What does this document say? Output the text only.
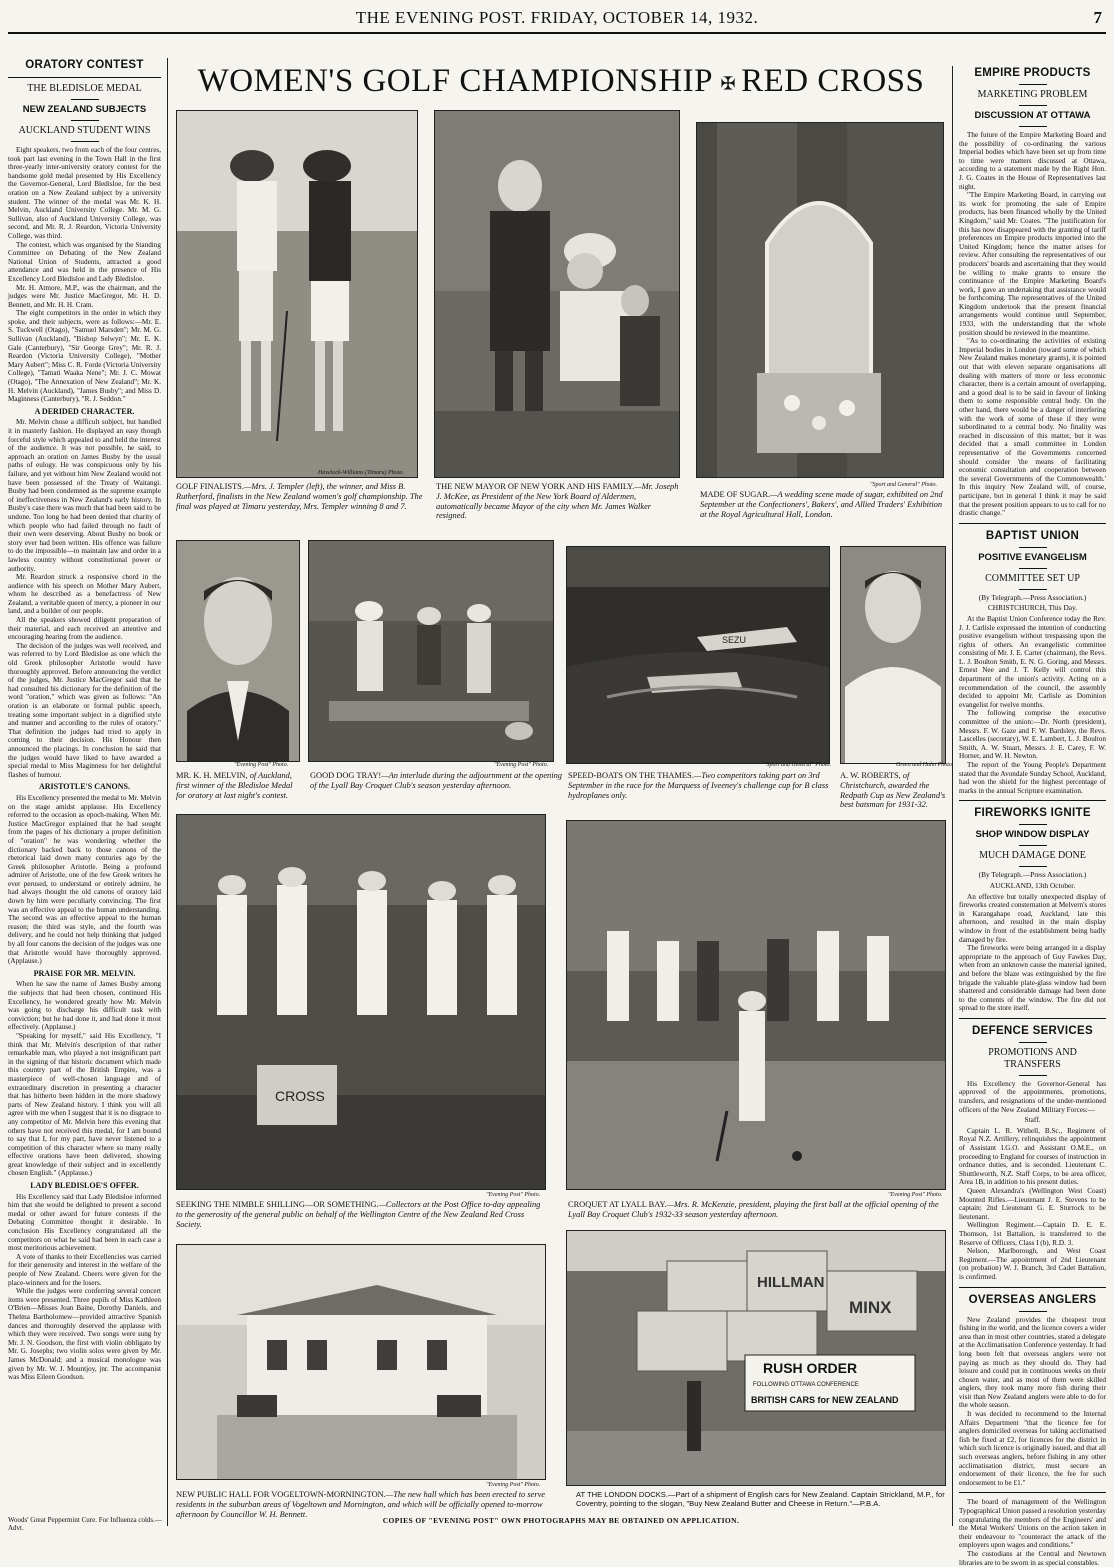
THE EVENING POST. FRIDAY, OCTOBER 14, 1932.	7
ORATORY CONTEST
THE BLEDISLOE MEDAL
NEW ZEALAND SUBJECTS
AUCKLAND STUDENT WINS

Eight speakers, two from each of the four centres, took part last evening in the Town Hall in the first three-yearly inter-university oratory contest for the handsome gold medal presented by His Excellency the Governor-General, Lord Bledisloe, for the best oration on a New Zealand subject by a university student. The winner of the medal was Mr. K. H. Melvin, Auckland University College. Mr. M. G. Sullivan, also of Auckland University College, was second, and Mr. R. J. Reardon, Victoria University College, was third.

The contest, which was organised by the Standing Committee on Debating of the New Zealand National Union of Students, attracted a good attendance and was held in the presence of His Excellency Lord Bledisloe and Lady Bledisloe.

Mr. H. Atmore, M.P., was the chairman, and the judges were Mr. Justice MacGregor, Mr. H. D. Bennett, and Mr. H. H. Cram.

The eight competitors in the order in which they spoke, and their subjects, were as follows:—Mr. E. S. Tuckwell (Otago), "Samuel Marsden"; Mr. M. G. Sullivan (Auckland), "Bishop Selwyn"; Mr. E. K. Gale (Canterbury), "Sir George Grey"; Mr. R. J. Reardon (Victoria University College), "Mother Mary Aubert"; Miss C. R. Forde (Victoria University College), "Tamati Waaka Nene"; Mr. J. C. Mowat (Otago), "The Annexation of New Zealand"; Mr. K. H. Melvin (Auckland), "James Busby"; and Miss D. Maginness (Canterbury), "R. J. Seddon."

A DERIDED CHARACTER.

Mr. Melvin chose a difficult subject, but handled it in masterly fashion. He displayed an easy though forceful style which appealed to and held the interest of the audience. It was not possible, he said, to approach an oration on James Busby by the usual paths of eulogy. He was conspicuous only by his failure, and yet without him New Zealand would not have been possessed of the Treaty of Waitangi. Busby had been condemned as the supreme example of ineffectiveness in New Zealand's early history. In Busby's case there was much that had been said to be undone. Too long he had been denied that charity of which people who had failed through no fault of their own were deserving. About Busby no book or story ever had been written. His offence was failure to do the impossible—to maintain law and order in a lawless country without constitutional power or authority.

Mr. Reardon struck a responsive chord in the audience with his speech on Mother Mary Aubert, whom he described as a benefactress of New Zealand, a veritable queen of mercy, a pioneer in our land, and a builder of our people.

All the speakers showed diligent preparation of their material, and each received an attentive and encouraging hearing from the audience.

The decision of the judges was well received, and was referred to by Lord Bledisloe as one which the old Greek philosopher Aristotle would have thoroughly approved. Before announcing the verdict of the judges, Mr. Justice MacGregor said that he had consulted his dictionary for the definition of the word "oration," which was given as follows: "An oration is an elaborate or formal public speech, treating some important subject in a dignified style and manner and according to the rules of oratory." That definition the judges had tried to apply in coming to their decision. His Honour then announced the placings. In conclusion he said that the judges would have liked to have awarded a special medal to Miss Maginness for her delightful flashes of humour.

ARISTOTLE'S CANONS.

His Excellency presented the medal to Mr. Melvin on the stage amidst applause. His Excellency referred to the occasion as epoch-making. When Mr. Justice MacGregor explained that he had sought from the pages of his dictionary a proper definition of "oration" he was wondering whether the dictionary backed back to those canons of the rhetorical laid down many centuries ago by the Greek philosopher Aristotle. Being a profound admirer of Aristotle, one of the few Greek writers he ever perused, to understand or entirely admire, he had always thought the old canons of oratory laid down by him were peculiarly convincing. The first was an effective appeal to the human understanding. The second was an effective appeal to the human reason; the third was style, and the fourth was delivery, and he could not help thinking that judged by all four canons the decision of the judges was one that Aristotle would have thoroughly approved. (Applause.)

PRAISE FOR MR. MELVIN.

When he saw the name of James Busby among the subjects that had been chosen, continued His Excellency, he wondered greatly how Mr. Melvin was going to discharge his difficult task with conviction; but he had done it, and had done it most effectively. (Applause.)

"Speaking for myself," said His Excellency, "I think that Mr. Melvin's description of that rather remarkable man, who played a not insignificant part in the signing of that historic document which made this country part of the British Empire, was a masterpiece of well-chosen language and of extraordinary discretion in presenting a character that has hitherto been hidden in the more shadowy parts of New Zealand history. I think you will all agree with me when I suggest that it is no disgrace to any competitor of Mr. Melvin here this evening that others have not received this medal, for I am bound to say that I, for my part, have never listened to a competition of this character where so many really effective orations have been delivered, showing great knowledge of their subject and in excellently chosen English." (Applause.)

LADY BLEDISLOE'S OFFER.

His Excellency said that Lady Bledisloe informed him that she would be delighted to present a second medal or other award for future contests if the Debating Committee thought it desirable. In conclusion His Excellency congratulated all the competitors on what he said had been in each case a most meritorious achievement.

A vote of thanks to their Excellencies was carried for their generosity and interest in the welfare of the people of New Zealand. Cheers were given for the place-winners and for the losers.

While the judges were conferring several concert items were presented. Three pupils of Miss Kathleen O'Brien—Misses Joan Baine, Dorothy Daniels, and Thelma Bartholomew—provided attractive Spanish dances and thoroughly deserved the applause with which they were received. Two songs were sung by Mr. J. N. Goodson, the first with violin obbligato by Mr. G. Josephs; two violin solos were given by Mr. James McDonald; and a musical monologue was given by Mr. W. J. Mountjoy, jnr. The accompanist was Miss Eileen Goodson.

Woods' Great Peppermint Cure. For Influenza colds.—Advt.
WOMEN'S GOLF CHAMPIONSHIP ✠ RED CROSS
Havelock-Williams (Timaru) Photo.
GOLF FINALISTS.—Mrs. J. Templer (left), the winner, and Miss B. Rutherford, finalists in the New Zealand women's golf championship. The final was played at Timaru yesterday, Mrs. Templer winning 8 and 7.
THE NEW MAYOR OF NEW YORK AND HIS FAMILY.—Mr. Joseph J. McKee, as President of the New York Board of Aldermen, automatically became Mayor of the city when Mr. James Walker resigned.
"Sport and General" Photo.
MADE OF SUGAR.—A wedding scene made of sugar, exhibited on 2nd September at the Confectioners', Bakers', and Allied Traders' Exhibition at the Royal Agricultural Hall, London.
"Evening Post" Photo.
MR. K. H. MELVIN, of Auckland, first winner of the Bledisloe Medal for oratory at last night's contest.
"Evening Post" Photo.
GOOD DOG TRAY!—An interlude during the adjournment at the opening of the Lyall Bay Croquet Club's season yesterday afternoon.
SEZU
"Sport and General" Photo.
SPEED-BOATS ON THE THAMES.—Two competitors taking part on 3rd September in the race for the Marquess of Iveeney's challenge cup for B class hydroplanes only.
Green and Hahn Photo.
A. W. ROBERTS, of Christchurch, awarded the Redpath Cup as New Zealand's best batsman for 1931-32.
CROSS
"Evening Post" Photo.
SEEKING THE NIMBLE SHILLING—OR SOMETHING.—Collectors at the Post Office to-day appealing to the generosity of the general public on behalf of the Wellington Centre of the New Zealand Red Cross Society.
"Evening Post" Photo.
CROQUET AT LYALL BAY.—Mrs. R. McKenzie, president, playing the first ball at the official opening of the Lyall Bay Croquet Club's 1932-33 season yesterday afternoon.
"Evening Post" Photo.
NEW PUBLIC HALL FOR VOGELTOWN-MORNINGTON.—The new hall which has been erected to serve residents in the suburban areas of Vogeltown and Mornington, and which will be officially opened to-morrow afternoon by Councillor W. H. Bennett.
HILLMAN
MINX
RUSH ORDER
FOLLOWING OTTAWA CONFERENCE
BRITISH CARS for NEW ZEALAND
AT THE LONDON DOCKS.—Part of a shipment of English cars for New Zealand. Captain Strickland, M.P., for Coventry, pointing to the slogan, "Buy New Zealand Butter and Cheese in Return."—P.B.A.
COPIES OF "EVENING POST" OWN PHOTOGRAPHS MAY BE OBTAINED ON APPLICATION.
EMPIRE PRODUCTS
MARKETING PROBLEM
DISCUSSION AT OTTAWA

The future of the Empire Marketing Board and the possibility of co-ordinating the various Imperial bodies which have been set up from time to time were matters discussed at Ottawa, according to a statement made by the Right Hon. J. G. Coates in the House of Representatives last night.

"The Empire Marketing Board, in carrying out its work for promoting the sale of Empire products, has been financed wholly by the United Kingdom," said Mr. Coates. "The justification for this has now disappeared with the granting of tariff preferences on Empire products imported into the United Kingdom; hence the matter arises for review. After consulting the representatives of our producers' boards and ascertaining that they would be willing to make grants to ensure the continuance of the Empire Marketing Board's work, I gave an undertaking that assistance would be forthcoming. The representatives of the United Kingdom undertook that the present financial arrangements would continue until September, 1933, with the understanding that the whole position should be reviewed in the meantime.

"As to co-ordinating the activities of existing Imperial bodies in London (toward some of which New Zealand makes monetary grants), it is pointed out that with eleven separate organisations all dealing with matters of more or less economic character, there is a certain amount of overlapping, and a good deal is to be said in favour of linking them to some responsible central body. On the other hand, there would be a danger of interfering with the work of some of these if they were subordinated to a central body. No finality was reached in discussion of this matter, but it was decided that a small committee in London representative of the Governments concerned should consider 'the means of facilitating economic consultation and cooperation between the several Governments of the Commonwealth.' In this inquiry New Zealand will, of course, participate, but in general I think it may be said that the present position appears to us to call for no drastic change."

BAPTIST UNION
POSITIVE EVANGELISM
COMMITTEE SET UP
(By Telegraph.—Press Association.)
CHRISTCHURCH, This Day.

At the Baptist Union Conference today the Rev. J. J. Carlisle expressed the intention of conducting positive evangelism without trespassing upon the rights of others. An evangelistic committee consisting of Mr. J. E. Carter (chairman), the Revs. L. J. Boulton Smith, E. N. G. Goring, and Messrs. Ernest Nee and J. T. Kelly will control this department of the union's activity. Acting on a recommendation of the council, the assembly decided to appoint Mr. Carlisle as Dominion evangelist for twelve months.

The following comprise the executive committee of the union:—Dr. North (president), Messrs. F. W. Gaze and F. W. Bardsley, the Revs. Lascelles (secretary), W. E. Lambert, L. J. Boulton Smith, A. W. Stuart, Messrs. J. E. Carey, F. W. Horner, and W. H. Newton.

The report of the Young People's Department stated that the Avondale Sunday School, Auckland, had won the shield for the highest percentage of marks in the annual Scripture examination.

FIREWORKS IGNITE
SHOP WINDOW DISPLAY
MUCH DAMAGE DONE
(By Telegraph.—Press Association.)
AUCKLAND, 13th October.

An effective but totally unexpected display of fireworks created consternation at Melvern's stores in Karangahape road, Auckland, late this afternoon, and resulted in the main display window in front of the establishment being badly damaged by fire.

The fireworks were being arranged in a display appropriate to the approach of Guy Fawkes Day, when from an unknown cause the material ignited, and before the blaze was extinguished by the fire brigade the valuable plate-glass window had been shattered and considerable damage had been done to the contents of the window. The fire did not spread to the store itself.

DEFENCE SERVICES
PROMOTIONS AND TRANSFERS

His Excellency the Governor-General has approved of the appointments, promotions, transfers, and resignations of the under-mentioned officers of the New Zealand Military Forces:—

Staff.

Captain L. R. Withell, B.Sc., Regiment of Royal N.Z. Artillery, relinquishes the appointment of Assistant I.G.O. and Assistant O.M.E., on proceeding to England for courses of instruction in ordnance duties, and is seconded. Lieutenant C. Shuttleworth, N.Z. Staff Corps, to be area officer, Area 1B, in addition to his present duties.

Queen Alexandra's (Wellington West Coast) Mounted Rifles.—Lieutenant J. E. Stevens to be captain; 2nd Lieutenant G. E. Sturrock to be lieutenant.

Wellington Regiment.—Captain D. E. E. Thomson, 1st Battalion, is transferred to the Reserve of Officers, Class I (b), R.D. 3.

Nelson, Marlborough, and West Coast Regiment.—The appointment of 2nd Lieutenant (on probation) W. J. Branch, 3rd Cadet Battalion, is confirmed.

OVERSEAS ANGLERS

New Zealand provides the cheapest trout fishing in the world, and the licence covers a wider area than in most other countries, stated a delegate at the Acclimatisation Conference yesterday. It had long been felt that overseas anglers were not paying as much as they should do. They had leisure and could put in continuous weeks on their chosen water, and as most of them were skilled anglers, they took many more fish during their visit than New Zealand anglers were able to do for the whole season.

It was decided to recommend to the Internal Affairs Department "that the licence fee for anglers domiciled overseas for taking acclimatised fish be fixed at £2, for licences for the district in which such licence is originally issued, and that all such overseas anglers, before fishing in any other acclimatisation district, must secure an endorsement of their licence, the fee for such endorsement to be £1."

The board of management of the Wellington Typographical Union passed a resolution yesterday congratulating the members of the Engineers' and the Metal Workers' Unions on the action taken in their endeavour to "counteract the attack of the employers upon wages and conditions."

The custodians at the Central and Newtown libraries are to be sworn in as special constables.
